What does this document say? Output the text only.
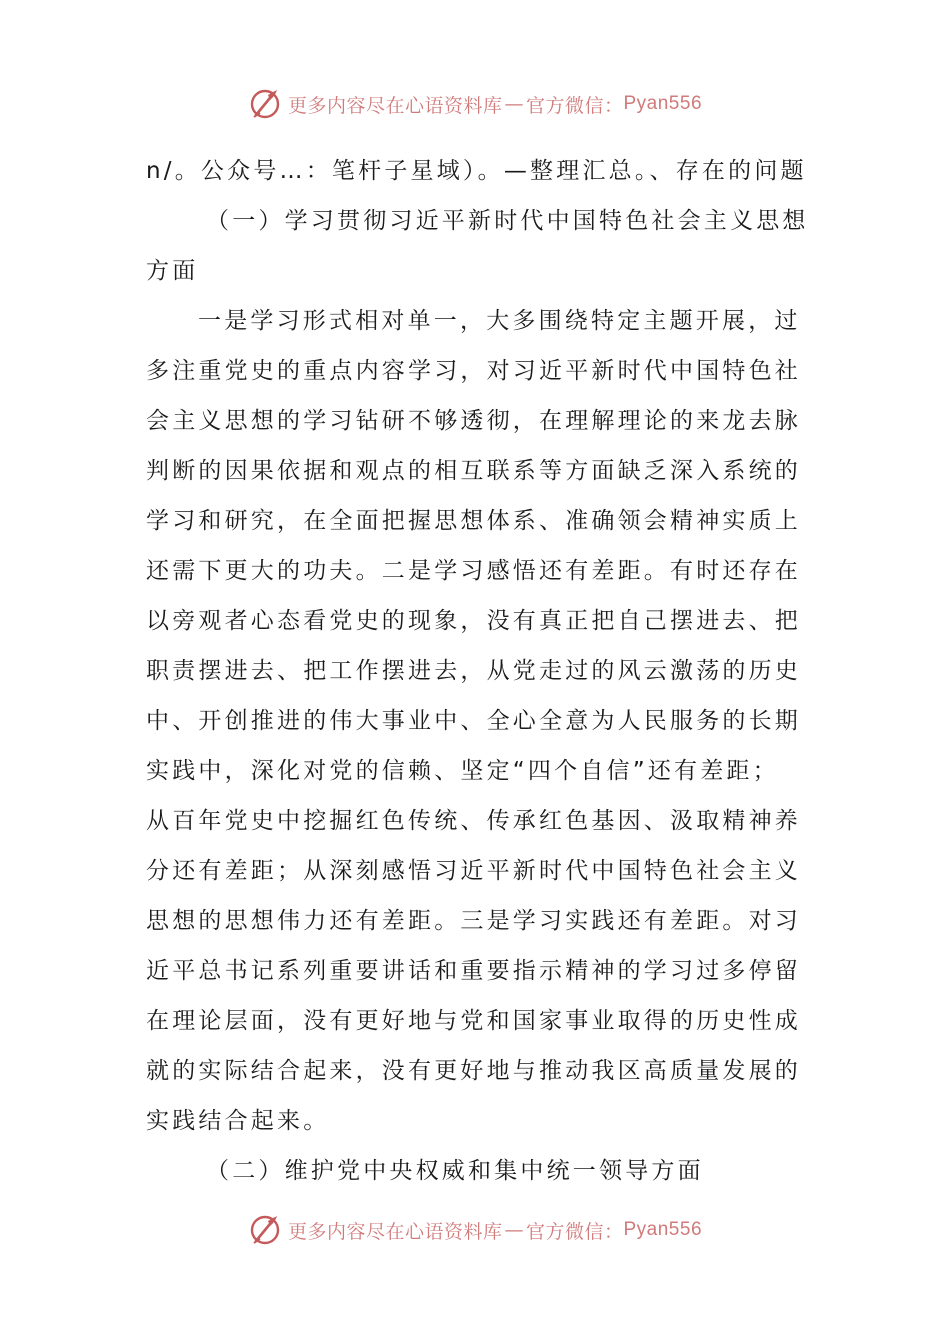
更多内容尽在心语资料库 — 官方微信： Pyan556
n/。公众号…：笔杆子星域）。—整理汇总。、存在的问题
（一）学习贯彻习近平新时代中国特色社会主义思想
方面
一是学习形式相对单一，大多围绕特定主题开展，过
多注重党史的重点内容学习，对习近平新时代中国特色社
会主义思想的学习钻研不够透彻，在理解理论的来龙去脉
判断的因果依据和观点的相互联系等方面缺乏深入系统的
学习和研究，在全面把握思想体系、准确领会精神实质上
还需下更大的功夫。二是学习感悟还有差距。有时还存在
以旁观者心态看党史的现象，没有真正把自己摆进去、把
职责摆进去、把工作摆进去，从党走过的风云激荡的历史
中、开创推进的伟大事业中、全心全意为人民服务的长期
实践中，深化对党的信赖、坚定“四个自信”还有差距；
从百年党史中挖掘红色传统、传承红色基因、汲取精神养
分还有差距；从深刻感悟习近平新时代中国特色社会主义
思想的思想伟力还有差距。三是学习实践还有差距。对习
近平总书记系列重要讲话和重要指示精神的学习过多停留
在理论层面，没有更好地与党和国家事业取得的历史性成
就的实际结合起来，没有更好地与推动我区高质量发展的
实践结合起来。
（二）维护党中央权威和集中统一领导方面
更多内容尽在心语资料库 — 官方微信： Pyan556
